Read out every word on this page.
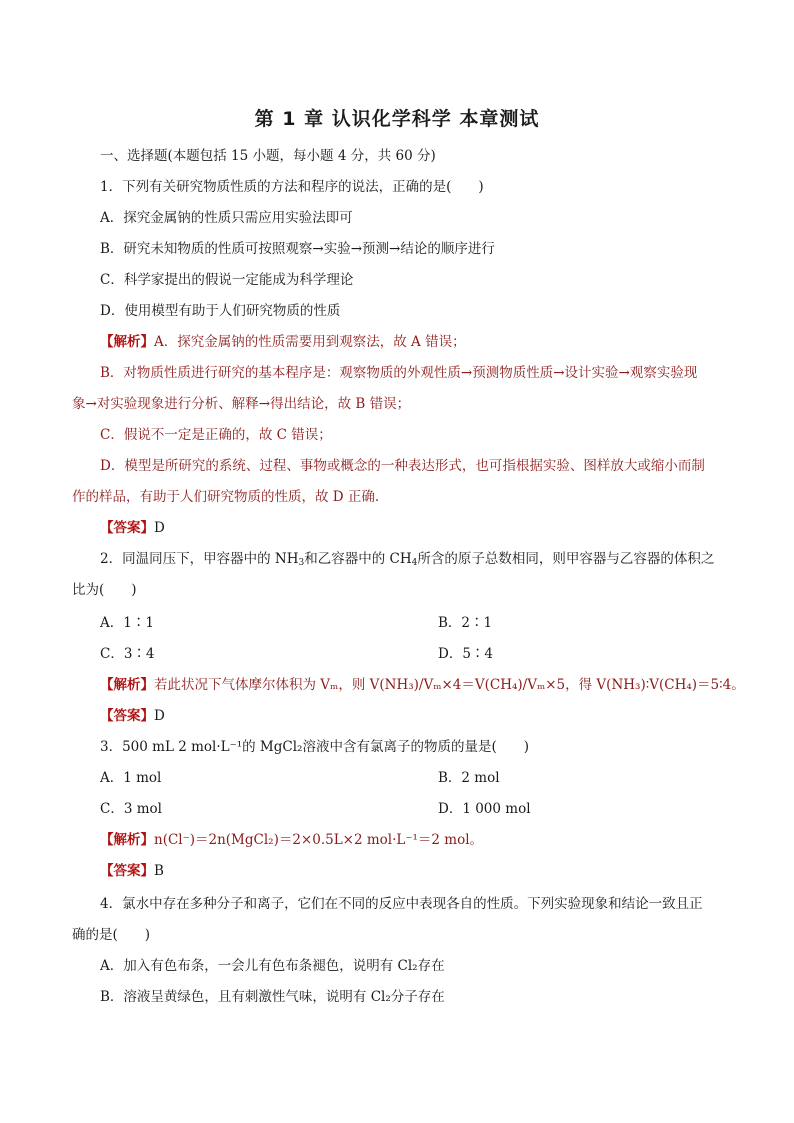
第 1 章 认识化学科学 本章测试
一、选择题(本题包括 15 小题，每小题 4 分，共 60 分)
1．下列有关研究物质性质的方法和程序的说法，正确的是(　　)
A．探究金属钠的性质只需应用实验法即可
B．研究未知物质的性质可按照观察→实验→预测→结论的顺序进行
C．科学家提出的假说一定能成为科学理论
D．使用模型有助于人们研究物质的性质
【解析】A．探究金属钠的性质需要用到观察法，故 A 错误；
B．对物质性质进行研究的基本程序是：观察物质的外观性质→预测物质性质→设计实验→观察实验现
象→对实验现象进行分析、解释→得出结论，故 B 错误；
C．假说不一定是正确的，故 C 错误；
D．模型是所研究的系统、过程、事物或概念的一种表达形式，也可指根据实验、图样放大或缩小而制
作的样品，有助于人们研究物质的性质，故 D 正确．
【答案】D
2．同温同压下，甲容器中的 $NH_3$和乙容器中的 $CH_4$所含的原子总数相同，则甲容器与乙容器的体积之
比为(　　)
A．1∶1	B．2∶1
C．3∶4	D．5∶4
【解析】若此状况下气体摩尔体积为 Vₘ，则 V(NH₃)/Vₘ×4＝V(CH₄)/Vₘ×5，得 V(NH₃)∶V(CH₄)＝5∶4。
【答案】D
3．500 mL 2 mol·L⁻¹的 MgCl₂溶液中含有氯离子的物质的量是(　　)
A．1 mol	B．2 mol
C．3 mol	D．1 000 mol
【解析】n(Cl⁻)＝2n(MgCl₂)＝2×0.5L×2 mol·L⁻¹＝2 mol。
【答案】B
4．氯水中存在多种分子和离子，它们在不同的反应中表现各自的性质。下列实验现象和结论一致且正
确的是(　　)
A．加入有色布条，一会儿有色布条褪色，说明有 Cl₂存在
B．溶液呈黄绿色，且有刺激性气味，说明有 Cl₂分子存在
